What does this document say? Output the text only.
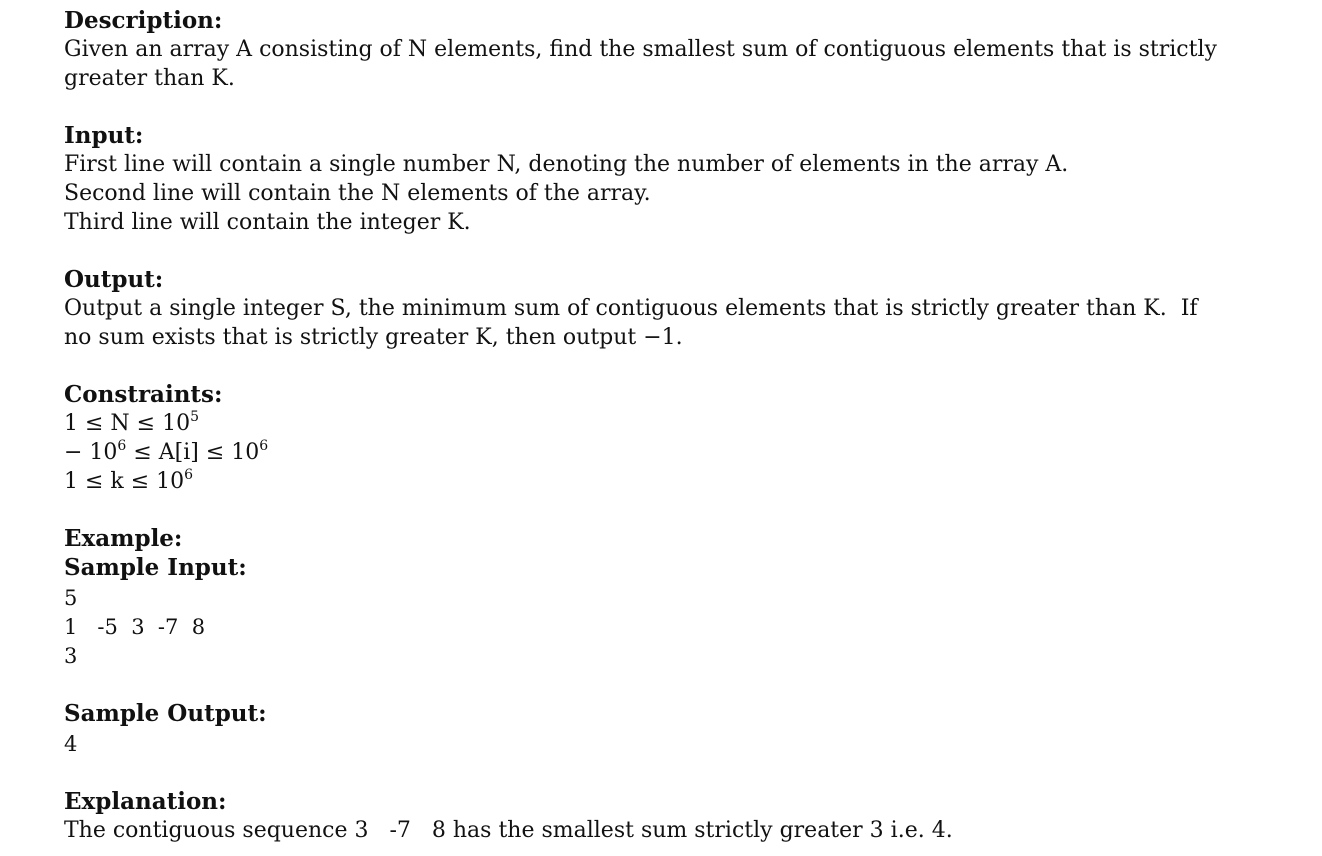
Description:

Given an array A consisting of N elements, find the smallest sum of contiguous elements that is strictly
greater than K.

Input:

First line will contain a single number N, denoting the number of elements in the array A.
Second line will contain the N elements of the array.
Third line will contain the integer K.

Output:

Output a single integer S, the minimum sum of contiguous elements that is strictly greater than K.  If
no sum exists that is strictly greater K, then output −1.

Constraints:

$1 \le N \le 10^5$
− $10^6 \le A[i] \le 10^6$
$1 \le k \le 10^6$

Example:

Sample Input:

5
1   -5  3  -7  8
3

Sample Output:

4

Explanation:

The contiguous sequence 3   -7   8 has the smallest sum strictly greater 3 i.e. 4.
